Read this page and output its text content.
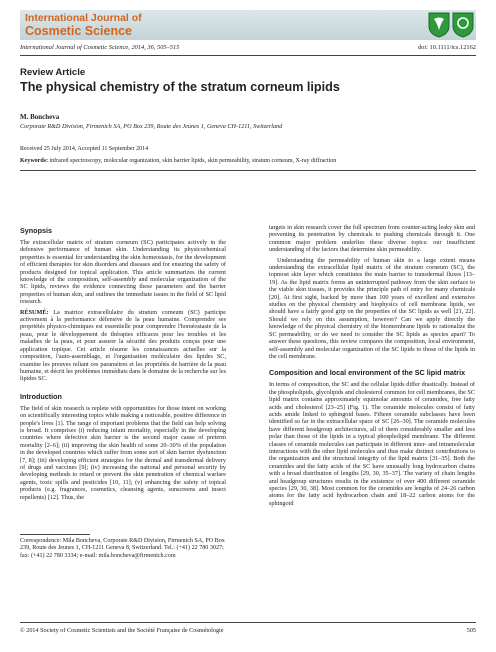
International Journal of
Cosmetic Science
International Journal of Cosmetic Science, 2014, 36, 505–515	doi: 10.1111/ics.12162
Review Article
The physical chemistry of the stratum corneum lipids
M. Boncheva
Corporate R&D Division, Firmenich SA, PO Box 239, Route des Jeunes 1, Geneva CH-1211, Switzerland
Received 25 July 2014, Accepted 11 September 2014
Keywords: infrared spectroscopy, molecular organization, skin barrier lipids, skin permeability, stratum corneum, X-ray diffraction
Synopsis

The extracellular matrix of stratum corneum (SC) participates actively in the defensive performance of human skin. Understanding its physicochemical properties is essential for understanding the skin homeostasis, for the development of efficient therapies for skin disorders and diseases and for ensuring the safety of products designed for topical application. This article summarizes the current knowledge of the composition, self-assembly and molecular organization of the SC lipids, reviews the evidence connecting these parameters and the barrier properties of human skin, and outlines the immediate issues in the field of SC lipid research.

RÉSUMÉ: La matrice extracellulaire du stratum corneum (SC) participe activement à la performance défensive de la peau humaine. Comprendre ses propriétés physico-chimiques est essentielle pour comprendre l'homéostasie de la peau, pour le développement de thérapies efficaces pour les troubles et les maladies de la peau, et pour assurer la sécurité des produits conçus pour une application topique. Cet article résume les connaissances actuelles sur la composition, l'auto-assemblage, et l'organisation moléculaire des lipides SC, examine les preuves reliant ces paramètres et les propriétés de barrière de la peau humaine, et décrit les problèmes immédiats dans le domaine de la recherche sur les lipides SC.

Introduction

The field of skin research is replete with opportunities for those intent on working on scientifically interesting topics while making a noticeable, positive difference in people's lives [1]. The range of important problems that the field can help solving is broad. It comprises (i) reducing infant mortality, especially in the developing countries where defective skin barrier is the second major cause of preterm mortality [2–6]; (ii) improving the skin health of some 20–30% of the population in the developed countries which suffer from some sort of skin barrier dysfunction [7, 8]; (iii) developing efficient strategies for the dermal and transdermal delivery of drugs and vaccines [9]; (iv) increasing the national and personal security by developing methods to retard or prevent the skin penetration of chemical warfare agents, toxic spills and pesticides [10, 11]; (v) enhancing the safety of topical products (e.g. fragrances, cosmetics, cleansing agents, sunscreens and insect repellents) [12]. Thus, the

Correspondence: Mila Boncheva, Corporate R&D Division, Firmenich SA, PO Box 239, Route des Jeunes 1, CH-1211 Geneva 8, Switzerland. Tel.: (+41) 22 780 3027; fax: (+41) 22 780 3334; e-mail: mila.boncheva@firmenich.com

targets in skin research cover the full spectrum from counter-acting leaky skin and preventing its penetration by chemicals to pushing chemicals through it. One common major problem underlies these diverse topics: our insufficient understanding of the factors that determine skin permeability.

Understanding the permeability of human skin to a large extent means understanding the extracellular lipid matrix of the stratum corneum (SC), the topmost skin layer which constitutes the main barrier to transdermal fluxes [13–19]. As the lipid matrix forms an uninterrupted pathway from the skin surface to the viable skin tissues, it provides the principle path of entry for many chemicals [20]. At first sight, backed by more than 100 years of excellent and extensive studies on the physical chemistry and biophysics of cell membrane lipids, we should have a fairly good grip on the properties of the SC lipids as well [21, 22]. Should we rely on this assumption, however? Can we apply directly the knowledge of the physical chemistry of the biomembrane lipids to rationalize the SC permeability, or do we need to consider the SC lipids as species apart? To answer these questions, this review compares the composition, local environment, self-assembly and molecular organization of the SC lipids to those of the lipids in the cell membrane.

Composition and local environment of the SC lipid matrix

In terms of composition, the SC and the cellular lipids differ drastically. Instead of the phospholipids, glycolipids and cholesterol common for cell membranes, the SC lipid matrix contains approximately equimolar amounts of ceramides, free fatty acids and cholesterol [23–25] (Fig. 1). The ceramide molecules consist of fatty acids amide linked to sphingoid bases. Fifteen ceramide subclasses have been identified so far in the extracellular space of SC [26–30]. The ceramide molecules have different headgroup architectures, all of them considerably smaller and less polar than those of the lipids in a typical phospholipid membrane. The different classes of ceramide molecules can participate in different inter- and intramolecular interactions with the other lipid molecules and thus make distinct contributions to the organization and the structural integrity of the lipid matrix [31–35]. Both the ceramides and the fatty acids of the SC have unusually long hydrocarbon chains with a broad distribution of lengths [29, 30, 35–37]. The variety of chain lengths and headgroup structures results in the existence of over 400 different ceramide species [29, 30, 38]. Most common for the ceramides are lengths of 24–26 carbon atoms for the fatty acid hydrocarbon chain and 18–22 carbon atoms for the sphingoid

© 2014 Society of Cosmetic Scientists and the Société Française de Cosmétologie	505
